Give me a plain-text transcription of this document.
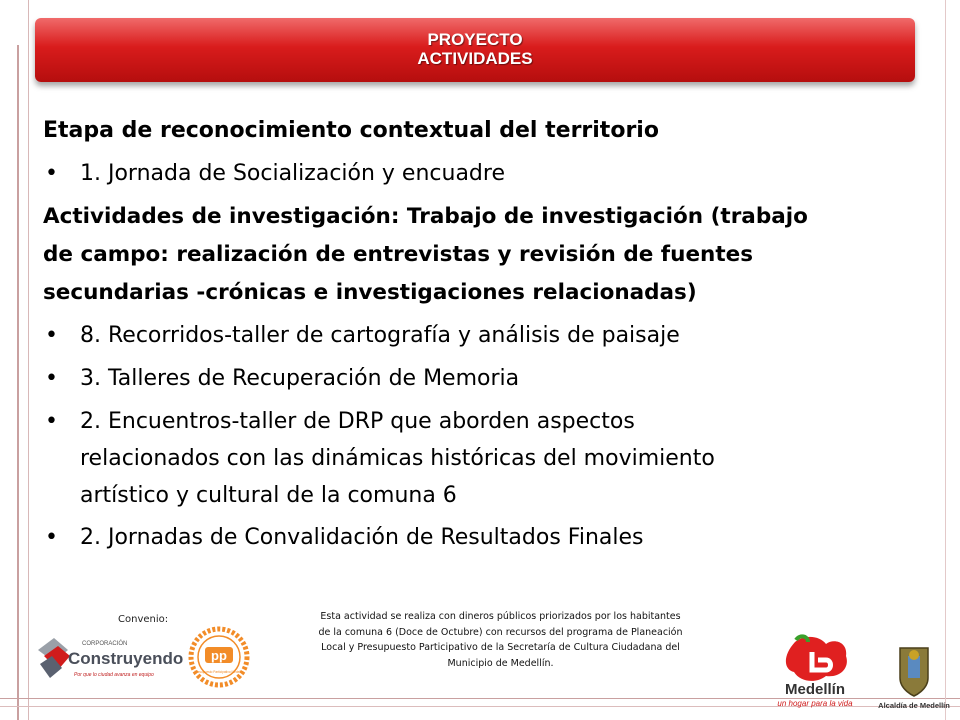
PROYECTO
ACTIVIDADES

Etapa de reconocimiento contextual del territorio

• 1. Jornada de Socialización y encuadre

Actividades de investigación: Trabajo de investigación (trabajo

de campo: realización de entrevistas y revisión de fuentes

secundarias -crónicas e investigaciones relacionadas)

• 8. Recorridos-taller de cartografía y análisis de paisaje
• 3. Talleres de Recuperación de Memoria
• 2. Encuentros-taller de DRP que aborden aspectos
relacionados con las dinámicas históricas del movimiento
artístico y cultural de la comuna 6
• 2. Jornadas de Convalidación de Resultados Finales
Convenio:	Esta actividad se realiza con dineros públicos priorizados por los habitantes
de la comuna 6 (Doce de Octubre) con recursos del programa de Planeación
Local y Presupuesto Participativo de la Secretaría de Cultura Ciudadana del
Municipio de Medellín.
CORPORACIÓN
Construyendo
Por que lo ciudad avanza en equipo
pp
Presupuesto Participativo Medellín
Medellín
un hogar para la vida	Alcaldía de Medellín
